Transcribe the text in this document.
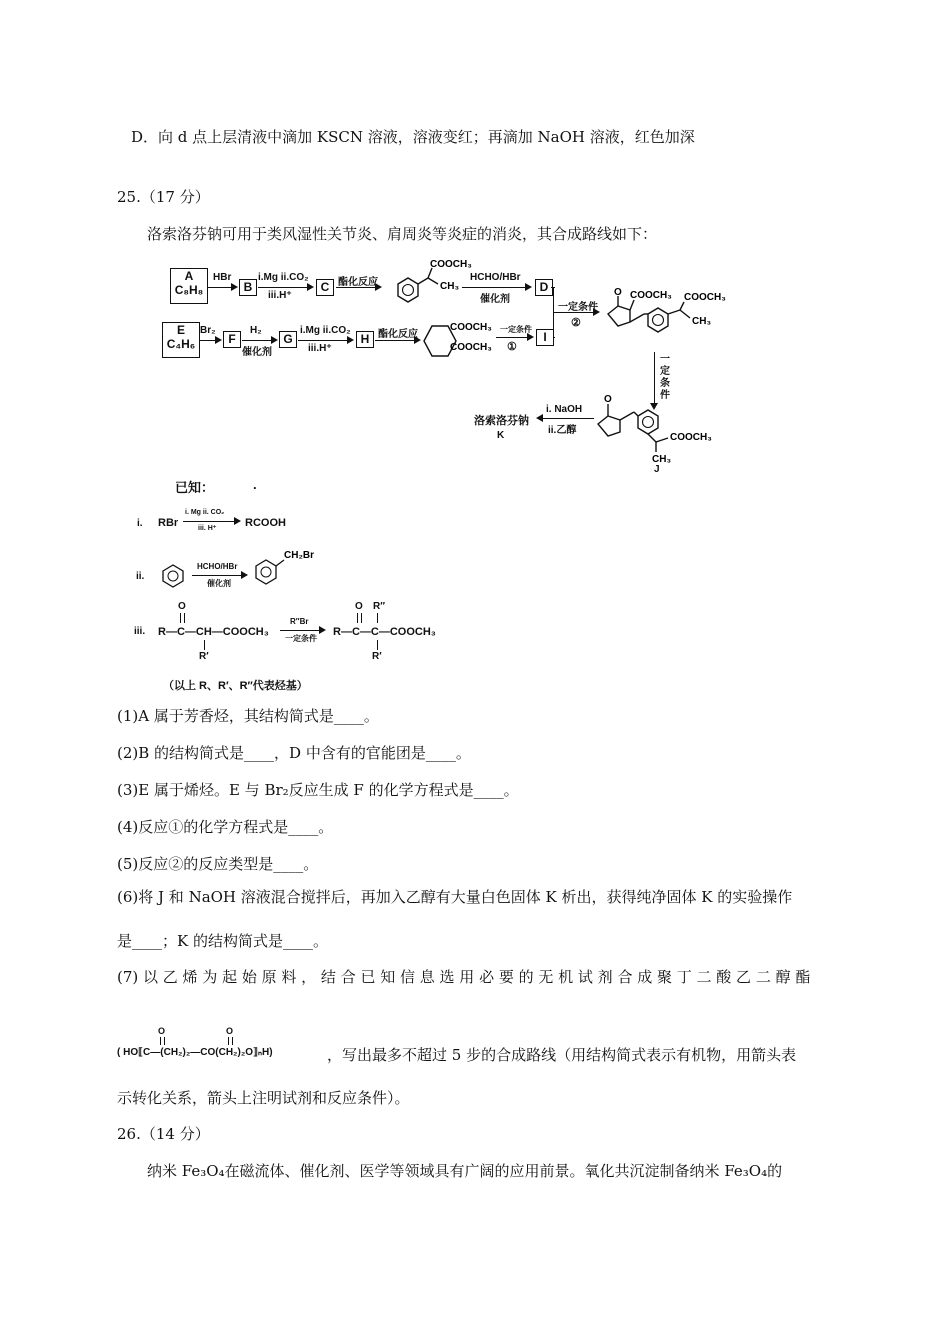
D．向 d 点上层清液中滴加 KSCN 溶液，溶液变红；再滴加 NaOH 溶液，红色加深
25.（17 分）
洛索洛芬钠可用于类风湿性关节炎、肩周炎等炎症的消炎，其合成路线如下：
A
C₈H₈
HBr
B
i.Mg ii.CO₂
iii.H⁺
C 酯化反应
COOCH₃
CH₃
HCHO/HBr
催化剂
D
一定条件
②
O COOCH₃ COOCH₃
CH₃
E
C₄H₆
Br₂
F
H₂
催化剂
G
i.Mg ii.CO₂
iii.H⁺
H 酯化反应
COOCH₃
COOCH₃
一定条件
①
I
一定条件
O
COOCH₃
CH₃
J
i. NaOH
ii.乙醇
洛索洛芬钠
K
已知：	.
i. RBr
i. Mg ii. CO₂
iii. H⁺	RCOOH
ii.
HCHO/HBr
催化剂
CH₂Br
iii.
O
R—C—CH—COOCH₃
R′
R″Br
一定条件
O R″
R—C—C—COOCH₃
R′
（以上 R、R′、R″代表烃基）
(1)A 属于芳香烃，其结构简式是____。
(2)B 的结构简式是____，D 中含有的官能团是____。
(3)E 属于烯烃。E 与 Br₂反应生成 F 的化学方程式是____。
(4)反应①的化学方程式是____。
(5)反应②的反应类型是____。
(6)将 J 和 NaOH 溶液混合搅拌后，再加入乙醇有大量白色固体 K 析出，获得纯净固体 K 的实验操作
是____；K 的结构简式是____。
(7) 以 乙 烯 为 起 始 原 料 ， 结 合 已 知 信 息 选 用 必 要 的 无 机 试 剂 合 成 聚 丁 二 酸 乙 二 醇 酯
O	O
( HO⟦C—(CH₂)₂—CO(CH₂)₂O⟧ₙH)	，写出最多不超过 5 步的合成路线（用结构简式表示有机物，用箭头表
示转化关系，箭头上注明试剂和反应条件）。
26.（14 分）
纳米 Fe₃O₄在磁流体、催化剂、医学等领域具有广阔的应用前景。氧化共沉淀制备纳米 Fe₃O₄的
